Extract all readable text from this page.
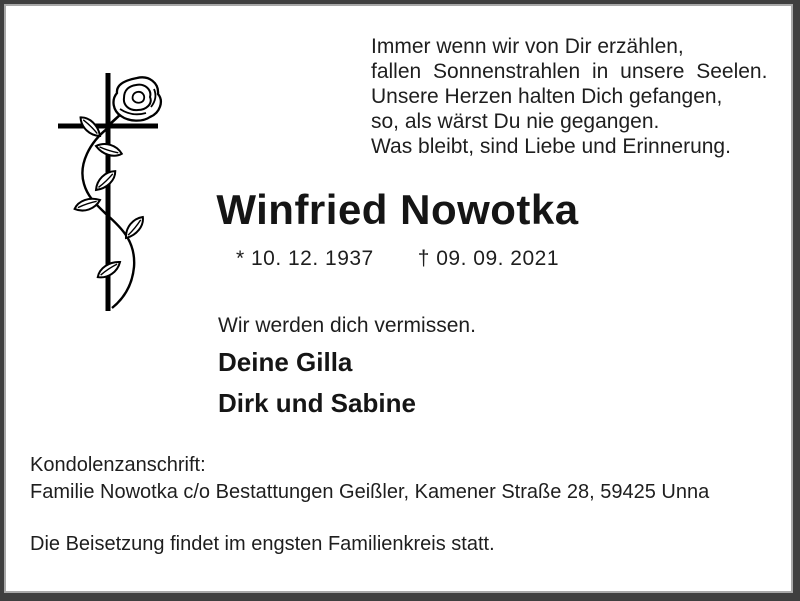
Immer wenn wir von Dir erzählen,
fallen Sonnenstrahlen in unsere Seelen.
Unsere Herzen halten Dich gefangen,
so, als wärst Du nie gegangen.
Was bleibt, sind Liebe und Erinnerung.
Winfried Nowotka
* 10. 12. 1937 † 09. 09. 2021
Wir werden dich vermissen.
Deine Gilla
Dirk und Sabine
Kondolenzanschrift:
Familie Nowotka c/o Bestattungen Geißler, Kamener Straße 28, 59425 Unna
Die Beisetzung findet im engsten Familienkreis statt.
